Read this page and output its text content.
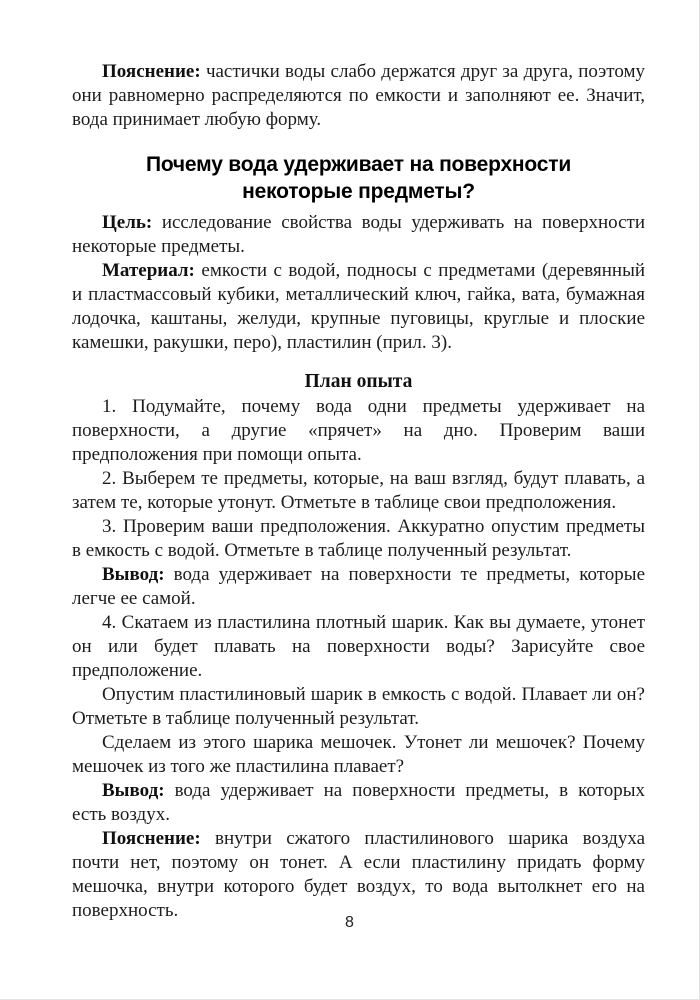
Пояснение: частички воды слабо держатся друг за друга, поэтому они равномерно распределяются по емкости и заполняют ее. Значит, вода принимает любую форму.

Почему вода удерживает на поверхности
некоторые предметы?

Цель: исследование свойства воды удерживать на поверхности некоторые предметы.

Материал: емкости с водой, подносы с предметами (деревянный и пластмассовый кубики, металлический ключ, гайка, вата, бумажная лодочка, каштаны, желуди, крупные пуговицы, круглые и плоские камешки, ракушки, перо), пластилин (прил. 3).

План опыта

1. Подумайте, почему вода одни предметы удерживает на поверхности, а другие «прячет» на дно. Проверим ваши предположения при помощи опыта.

2. Выберем те предметы, которые, на ваш взгляд, будут плавать, а затем те, которые утонут. Отметьте в таблице свои предположения.

3. Проверим ваши предположения. Аккуратно опустим предметы в емкость с водой. Отметьте в таблице полученный результат.

Вывод: вода удерживает на поверхности те предметы, которые легче ее самой.

4. Скатаем из пластилина плотный шарик. Как вы думаете, утонет он или будет плавать на поверхности воды? Зарисуйте свое предположение.

Опустим пластилиновый шарик в емкость с водой. Плавает ли он? Отметьте в таблице полученный результат.

Сделаем из этого шарика мешочек. Утонет ли мешочек? Почему мешочек из того же пластилина плавает?

Вывод: вода удерживает на поверхности предметы, в которых есть воздух.

Пояснение: внутри сжатого пластилинового шарика воздуха почти нет, поэтому он тонет. А если пластилину придать форму мешочка, внутри которого будет воздух, то вода вытолкнет его на поверхность.

8
